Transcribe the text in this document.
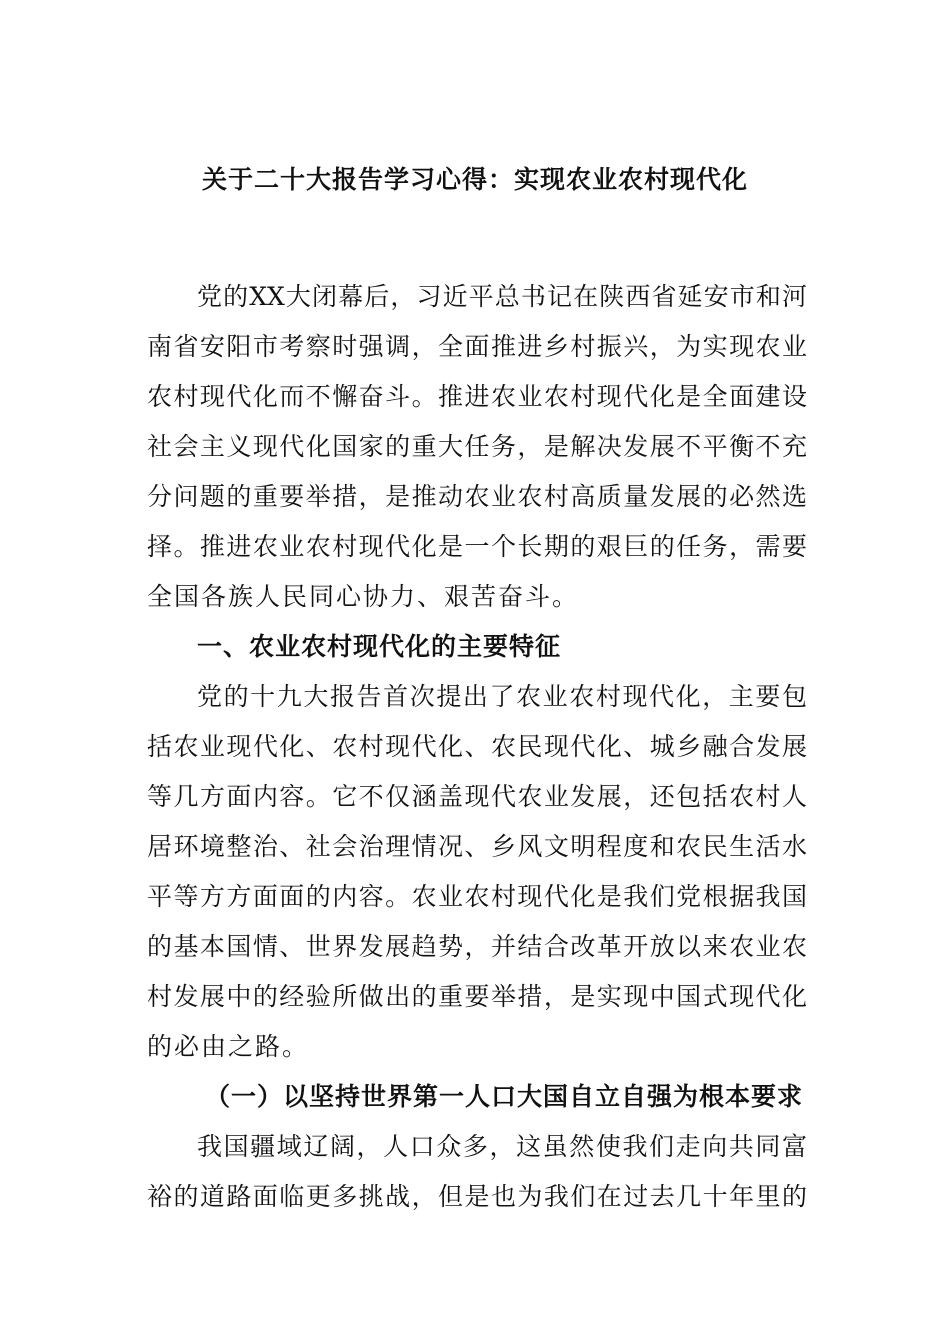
关于二十大报告学习心得：实现农业农村现代化
党的XX大闭幕后，习近平总书记在陕西省延安市和河
南省安阳市考察时强调，全面推进乡村振兴，为实现农业
农村现代化而不懈奋斗。推进农业农村现代化是全面建设
社会主义现代化国家的重大任务，是解决发展不平衡不充
分问题的重要举措，是推动农业农村高质量发展的必然选
择。推进农业农村现代化是一个长期的艰巨的任务，需要
全国各族人民同心协力、艰苦奋斗。
一、农业农村现代化的主要特征
党的十九大报告首次提出了农业农村现代化，主要包
括农业现代化、农村现代化、农民现代化、城乡融合发展
等几方面内容。它不仅涵盖现代农业发展，还包括农村人
居环境整治、社会治理情况、乡风文明程度和农民生活水
平等方方面面的内容。农业农村现代化是我们党根据我国
的基本国情、世界发展趋势，并结合改革开放以来农业农
村发展中的经验所做出的重要举措，是实现中国式现代化
的必由之路。
（一）以坚持世界第一人口大国自立自强为根本要求
我国疆域辽阔，人口众多，这虽然使我们走向共同富
裕的道路面临更多挑战，但是也为我们在过去几十年里的
